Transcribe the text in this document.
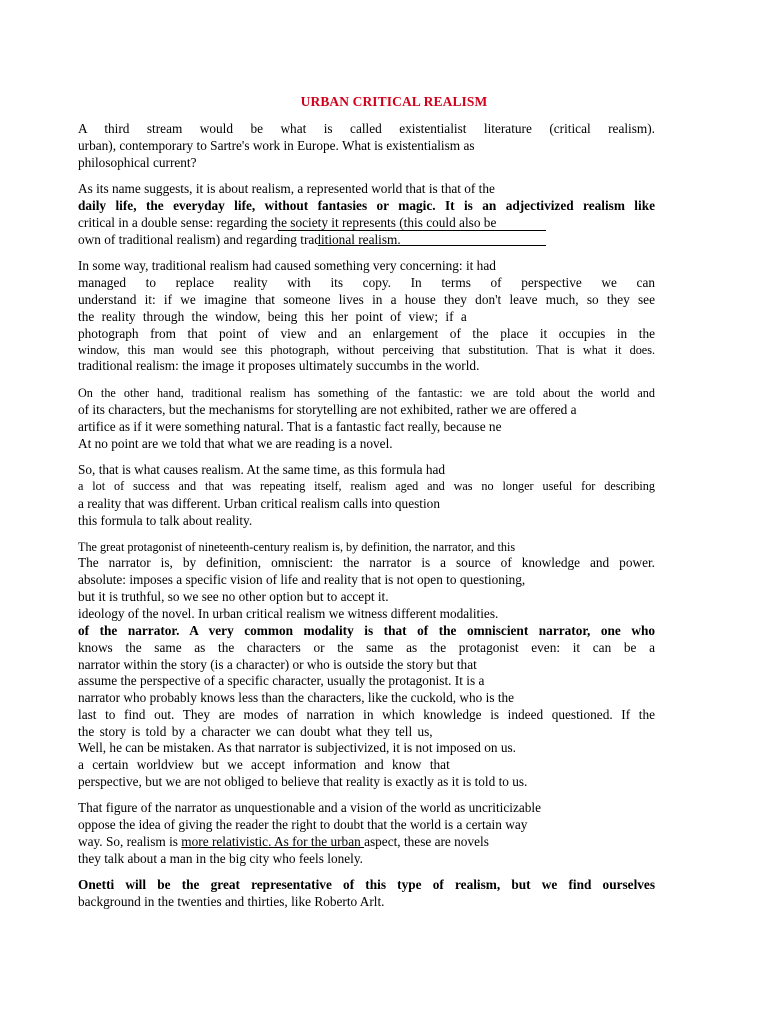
URBAN CRITICAL REALISM
A third stream would be what is called existentialist literature (critical realism).
urban), contemporary to Sartre's work in Europe. What is existentialism as
philosophical current?
As its name suggests, it is about realism, a represented world that is that of the
daily life, the everyday life, without fantasies or magic. It is an adjectivized realism like
critical in a double sense: regarding the society it represents (this could also be
own of traditional realism) and regarding traditional realism.
In some way, traditional realism had caused something very concerning: it had
managed to replace reality with its copy. In terms of perspective we can
understand it: if we imagine that someone lives in a house they don't leave much, so they see
the reality through the window, being this her point of view; if a
photograph from that point of view and an enlargement of the place it occupies in the
window, this man would see this photograph, without perceiving that substitution. That is what it does.
traditional realism: the image it proposes ultimately succumbs in the world.
On the other hand, traditional realism has something of the fantastic: we are told about the world and
of its characters, but the mechanisms for storytelling are not exhibited, rather we are offered a
artifice as if it were something natural. That is a fantastic fact really, because ne
At no point are we told that what we are reading is a novel.
So, that is what causes realism. At the same time, as this formula had
a lot of success and that was repeating itself, realism aged and was no longer useful for describing
a reality that was different. Urban critical realism calls into question
this formula to talk about reality.
The great protagonist of nineteenth-century realism is, by definition, the narrator, and this
The narrator is, by definition, omniscient: the narrator is a source of knowledge and power.
absolute: imposes a specific vision of life and reality that is not open to questioning,
but it is truthful, so we see no other option but to accept it.
ideology of the novel. In urban critical realism we witness different modalities.
of the narrator. A very common modality is that of the omniscient narrator, one who
knows the same as the characters or the same as the protagonist even: it can be a
narrator within the story (is a character) or who is outside the story but that
assume the perspective of a specific character, usually the protagonist. It is a
narrator who probably knows less than the characters, like the cuckold, who is the
last to find out. They are modes of narration in which knowledge is indeed questioned. If the
the story is told by a character we can doubt what they tell us,
Well, he can be mistaken. As that narrator is subjectivized, it is not imposed on us.
a certain worldview but we accept information and know that
perspective, but we are not obliged to believe that reality is exactly as it is told to us.
That figure of the narrator as unquestionable and a vision of the world as uncriticizable
oppose the idea of giving the reader the right to doubt that the world is a certain way
way. So, realism is more relativistic. As for the urban aspect, these are novels
they talk about a man in the big city who feels lonely.
Onetti will be the great representative of this type of realism, but we find ourselves
background in the twenties and thirties, like Roberto Arlt.
